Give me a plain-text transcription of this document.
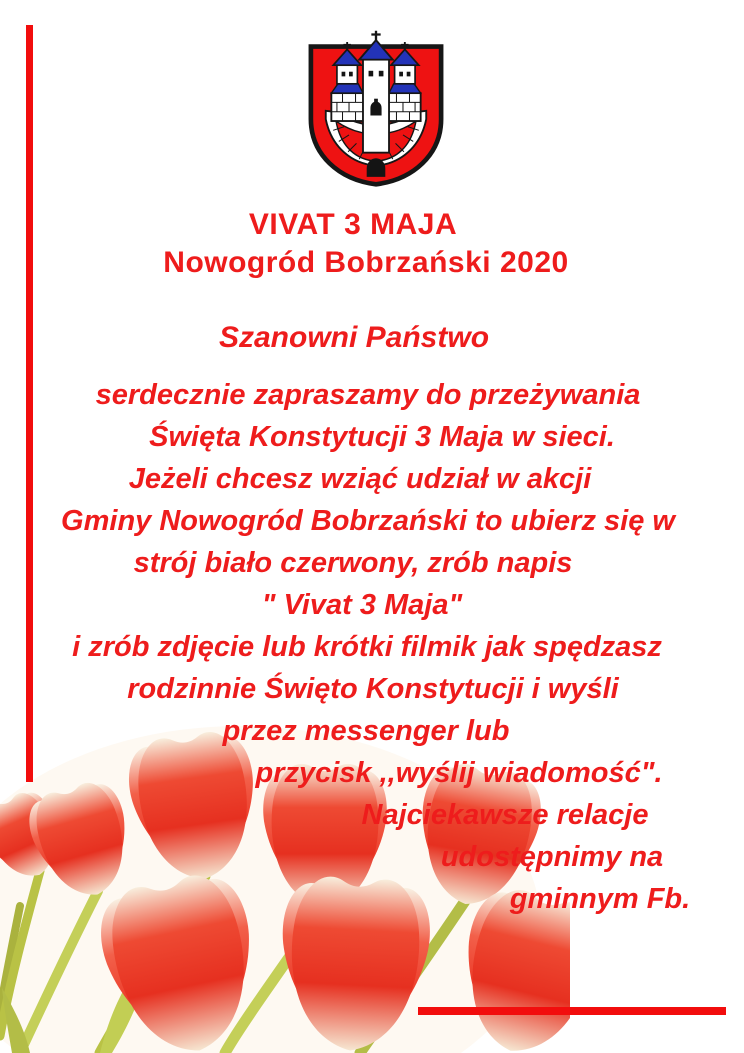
VIVAT 3 MAJA
Nowogród Bobrzański 2020
Szanowni Państwo
serdecznie zapraszamy do przeżywania
Święta Konstytucji 3 Maja w sieci.
Jeżeli chcesz wziąć udział w akcji
Gminy Nowogród Bobrzański to ubierz się w
strój biało czerwony, zrób napis
" Vivat 3 Maja"
i zrób zdjęcie lub krótki filmik jak spędzasz
rodzinnie Święto Konstytucji i wyśli
przez messenger lub
przycisk ,,wyślij wiadomość".
Najciekawsze relacje
udostępnimy na
gminnym Fb.
